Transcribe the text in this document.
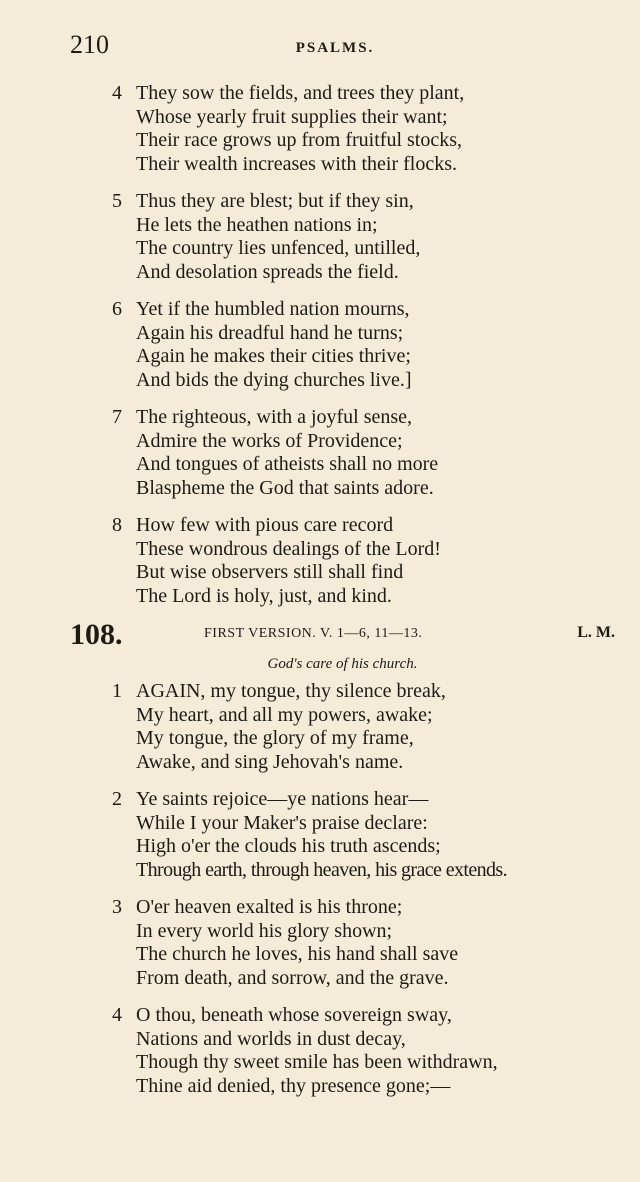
210	PSALMS.
4 They sow the fields, and trees they plant,
Whose yearly fruit supplies their want;
Their race grows up from fruitful stocks,
Their wealth increases with their flocks.
5 Thus they are blest; but if they sin,
He lets the heathen nations in;
The country lies unfenced, untilled,
And desolation spreads the field.
6 Yet if the humbled nation mourns,
Again his dreadful hand he turns;
Again he makes their cities thrive;
And bids the dying churches live.]
7 The righteous, with a joyful sense,
Admire the works of Providence;
And tongues of atheists shall no more
Blaspheme the God that saints adore.
8 How few with pious care record
These wondrous dealings of the Lord!
But wise observers still shall find
The Lord is holy, just, and kind.
108.	FIRST VERSION. V. 1—6, 11—13.	L. M.
God's care of his church.
1 AGAIN, my tongue, thy silence break,
My heart, and all my powers, awake;
My tongue, the glory of my frame,
Awake, and sing Jehovah's name.
2 Ye saints rejoice—ye nations hear—
While I your Maker's praise declare:
High o'er the clouds his truth ascends;
Through earth, through heaven, his grace extends.
3 O'er heaven exalted is his throne;
In every world his glory shown;
The church he loves, his hand shall save
From death, and sorrow, and the grave.
4 O thou, beneath whose sovereign sway,
Nations and worlds in dust decay,
Though thy sweet smile has been withdrawn,
Thine aid denied, thy presence gone;—
